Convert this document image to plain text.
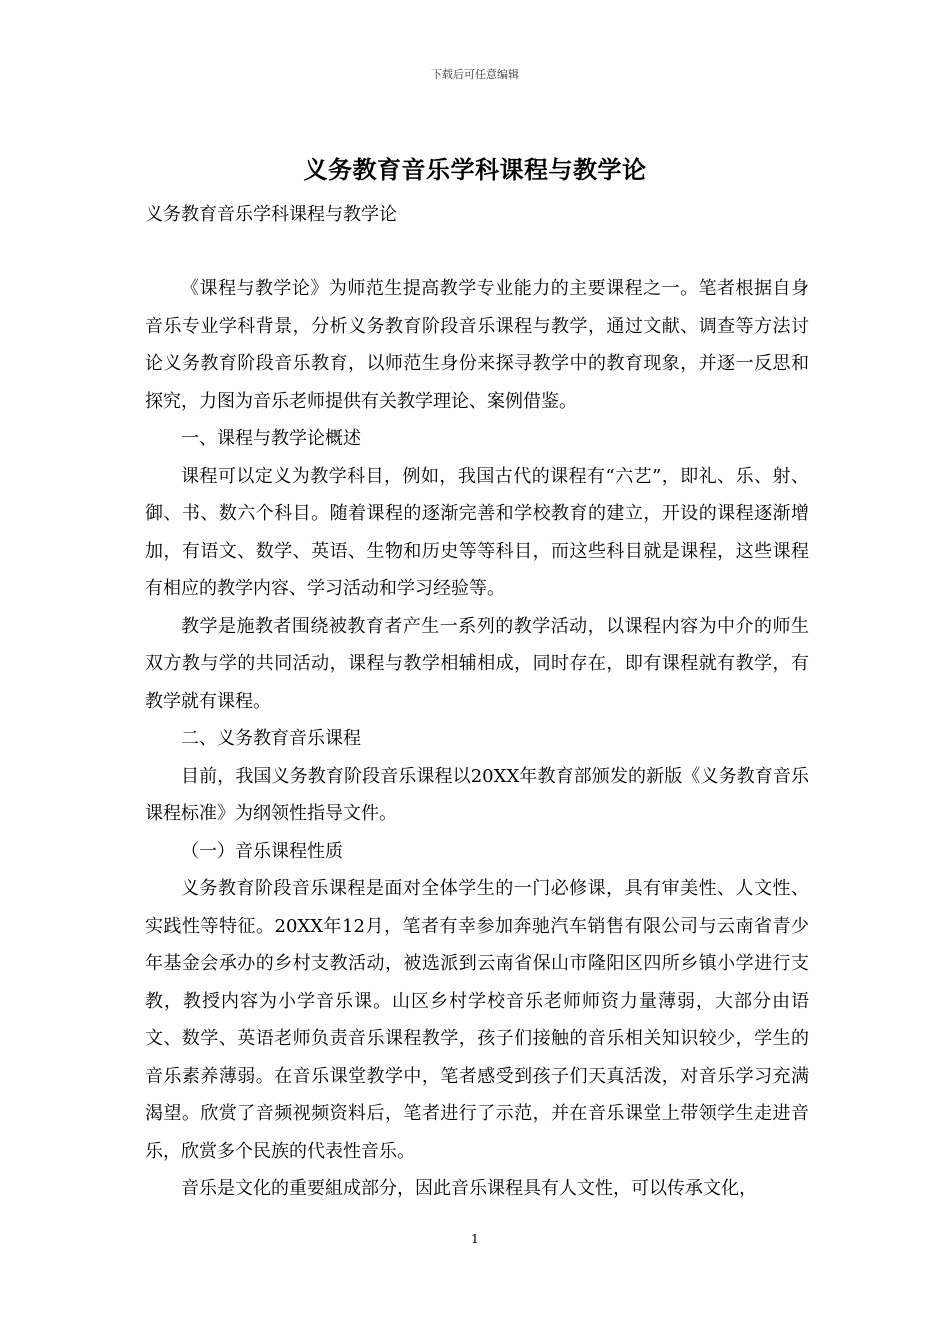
下载后可任意编辑
义务教育音乐学科课程与教学论
义务教育音乐学科课程与教学论

《课程与教学论》为师范生提高教学专业能力的主要课程之一。笔者根据自身音乐专业学科背景，分析义务教育阶段音乐课程与教学，通过文献、调查等方法讨论义务教育阶段音乐教育，以师范生身份来探寻教学中的教育现象，并逐一反思和探究，力图为音乐老师提供有关教学理论、案例借鉴。

一、课程与教学论概述

课程可以定义为教学科目，例如，我国古代的课程有“六艺”，即礼、乐、射、御、书、数六个科目。随着课程的逐渐完善和学校教育的建立，开设的课程逐渐增加，有语文、数学、英语、生物和历史等等科目，而这些科目就是课程，这些课程有相应的教学内容、学习活动和学习经验等。

教学是施教者围绕被教育者产生一系列的教学活动，以课程内容为中介的师生双方教与学的共同活动，课程与教学相辅相成，同时存在，即有课程就有教学，有教学就有课程。

二、义务教育音乐课程

目前，我国义务教育阶段音乐课程以20XX年教育部颁发的新版《义务教育音乐课程标准》为纲领性指导文件。

（一）音乐课程性质

义务教育阶段音乐课程是面对全体学生的一门必修课，具有审美性、人文性、实践性等特征。20XX年12月，笔者有幸参加奔驰汽车销售有限公司与云南省青少年基金会承办的乡村支教活动，被选派到云南省保山市隆阳区四所乡镇小学进行支教，教授内容为小学音乐课。山区乡村学校音乐老师师资力量薄弱，大部分由语文、数学、英语老师负责音乐课程教学，孩子们接触的音乐相关知识较少，学生的音乐素养薄弱。在音乐课堂教学中，笔者感受到孩子们天真活泼，对音乐学习充满渴望。欣赏了音频视频资料后，笔者进行了示范，并在音乐课堂上带领学生走进音乐，欣赏多个民族的代表性音乐。

音乐是文化的重要組成部分，因此音乐课程具有人文性，可以传承文化，

1
